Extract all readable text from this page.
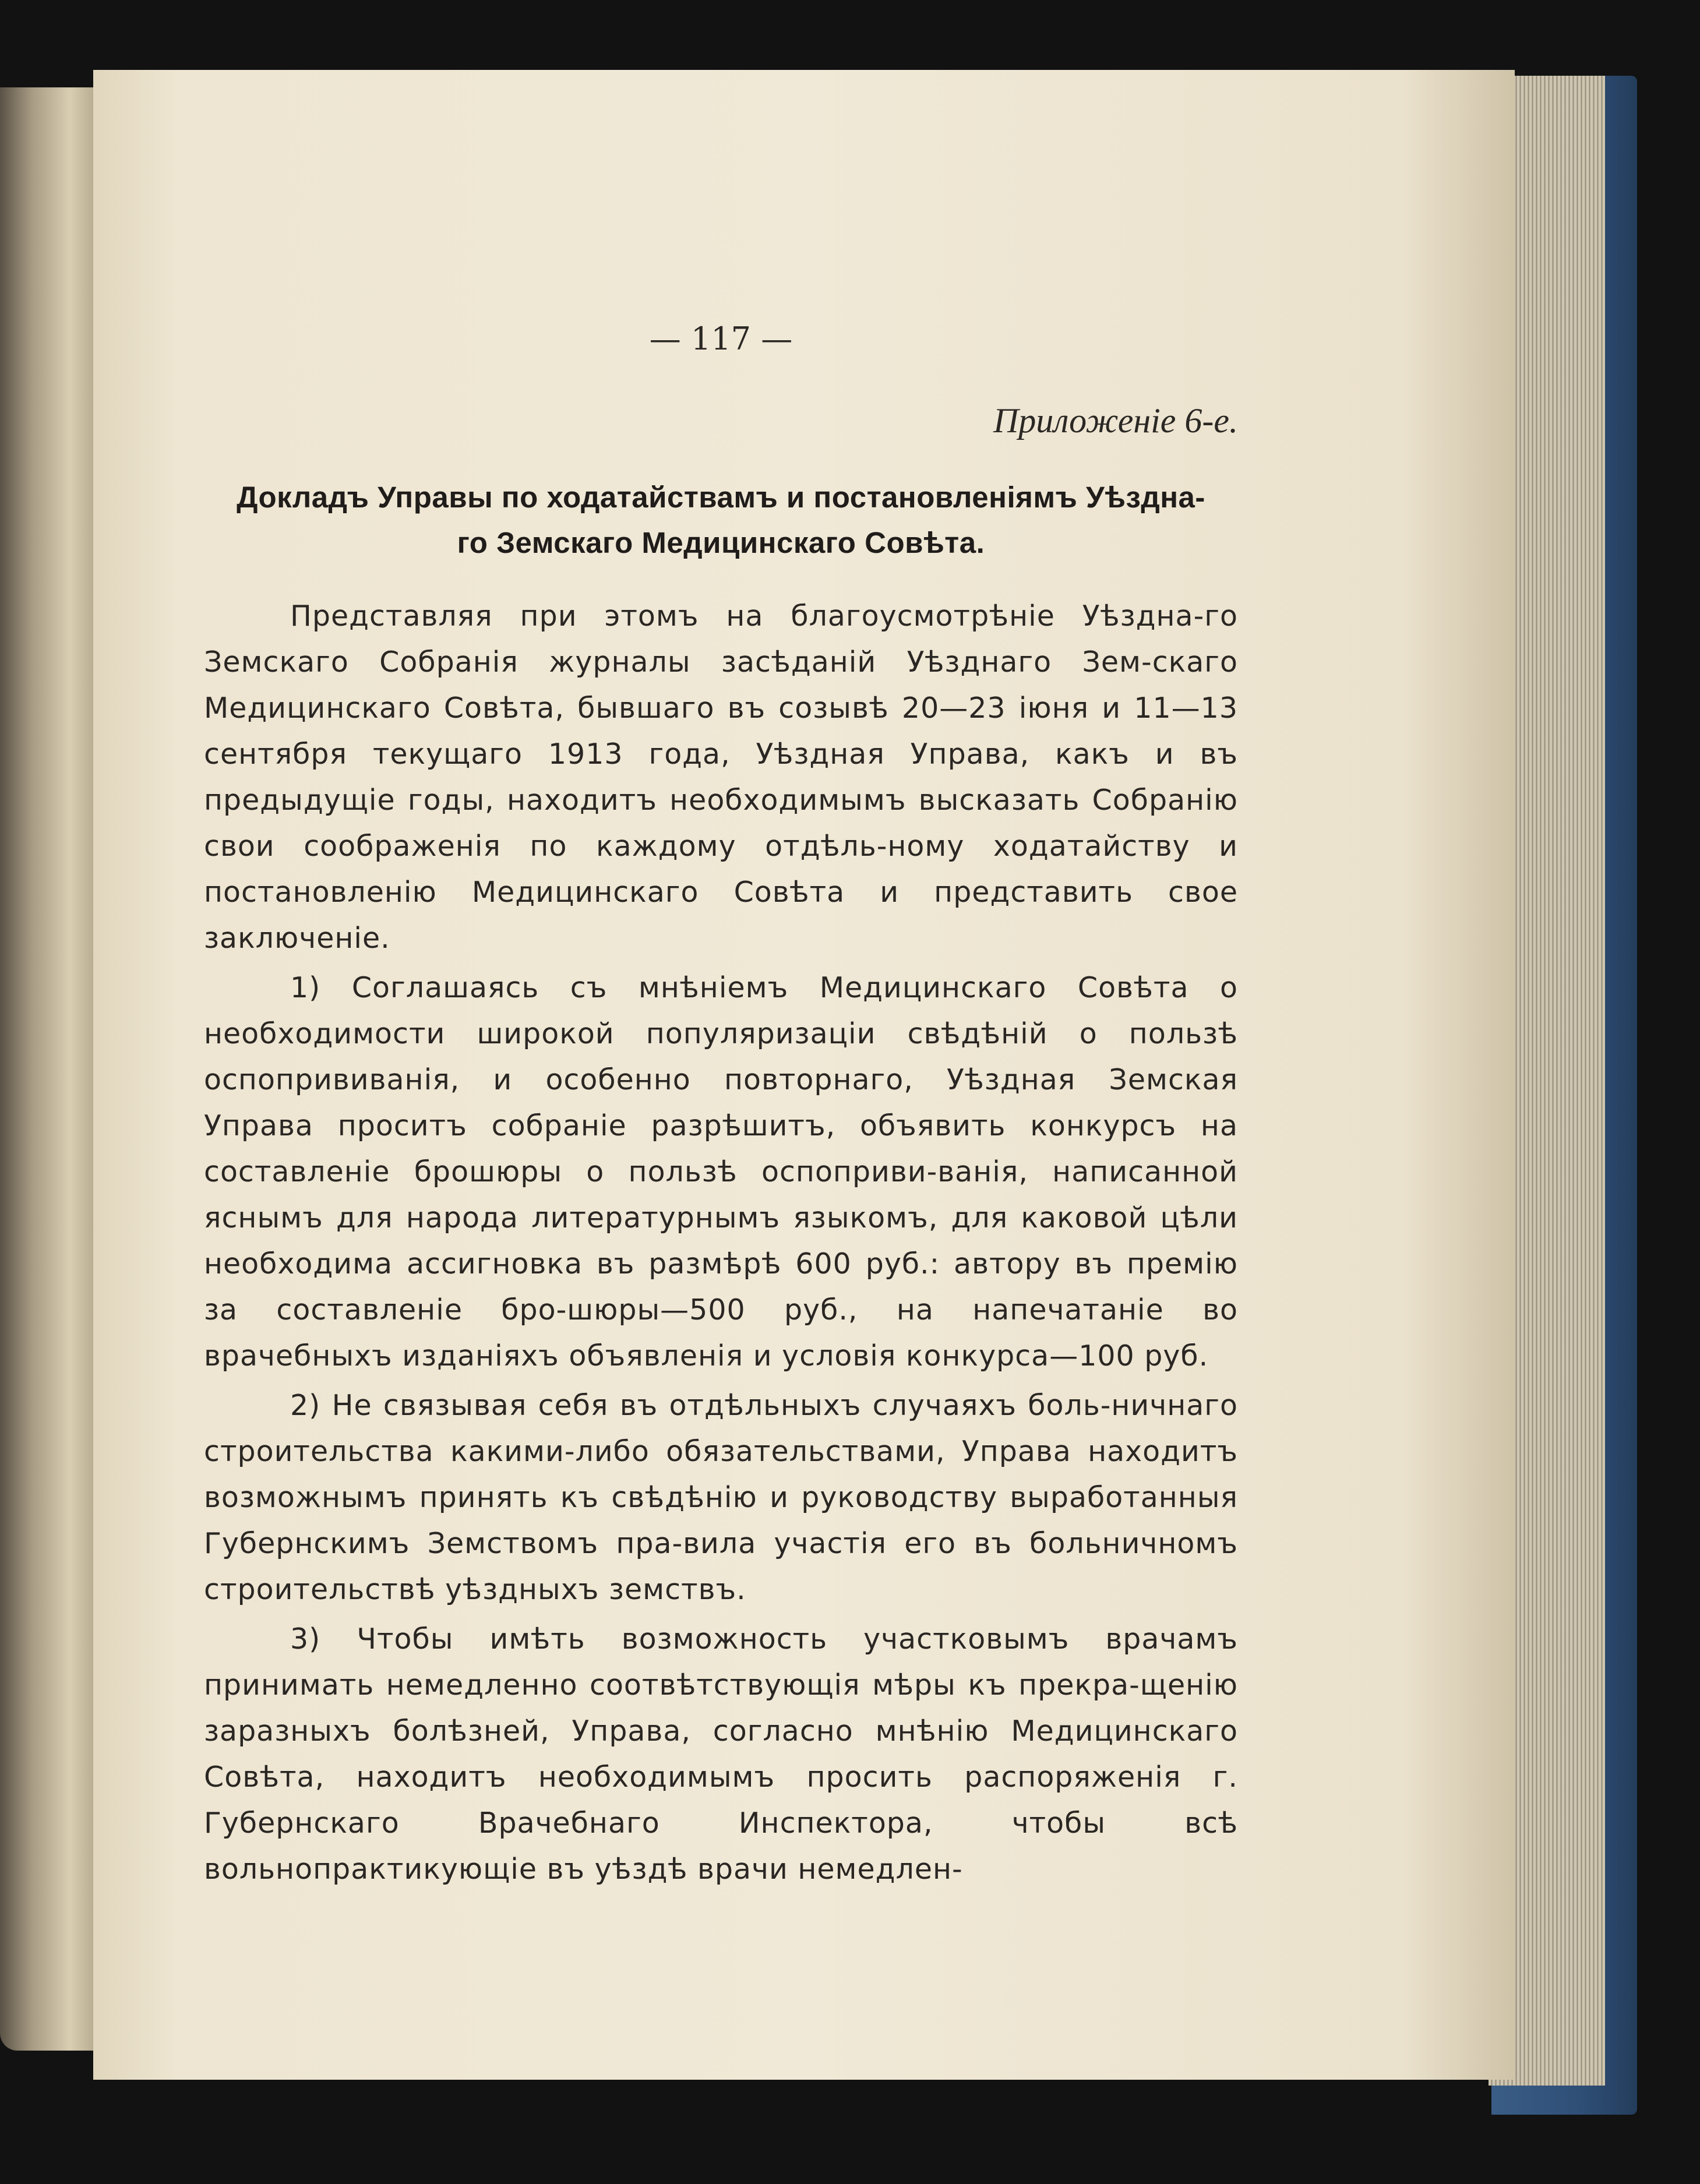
— 117 —
Приложеніе 6-е.
Докладъ Управы по ходатайствамъ и постановленіямъ Уѣздна-
го Земскаго Медицинскаго Совѣта.

Представляя при этомъ на благоусмотрѣніе Уѣздна-го Земскаго Собранія журналы засѣданій Уѣзднаго Зем-скаго Медицинскаго Совѣта, бывшаго въ созывѣ 20—23 іюня и 11—13 сентября текущаго 1913 года, Уѣздная Управа, какъ и въ предыдущіе годы, находитъ необходимымъ высказать Собранію свои соображенія по каждому отдѣль-ному ходатайству и постановленію Медицинскаго Совѣта и представить свое заключеніе.

1) Соглашаясь съ мнѣніемъ Медицинскаго Совѣта о необходимости широкой популяризаціи свѣдѣній о пользѣ оспопрививанія, и особенно повторнаго, Уѣздная Земская Управа проситъ собраніе разрѣшитъ, объявить конкурсъ на составленіе брошюры о пользѣ оспоприви-ванія, написанной яснымъ для народа литературнымъ языкомъ, для каковой цѣли необходима ассигновка въ размѣрѣ 600 руб.: автору въ премію за составленіе бро-шюры—500 руб., на напечатаніе во врачебныхъ изданіяхъ объявленія и условія конкурса—100 руб.

2) Не связывая себя въ отдѣльныхъ случаяхъ боль-ничнаго строительства какими-либо обязательствами, Управа находитъ возможнымъ принять къ свѣдѣнію и руководству выработанныя Губернскимъ Земствомъ пра-вила участія его въ больничномъ строительствѣ уѣздныхъ земствъ.

3) Чтобы имѣть возможность участковымъ врачамъ принимать немедленно соотвѣтствующія мѣры къ прекра-щенію заразныхъ болѣзней, Управа, согласно мнѣнію Медицинскаго Совѣта, находитъ необходимымъ просить распоряженія г. Губернскаго Врачебнаго Инспектора, чтобы всѣ вольнопрактикующіе въ уѣздѣ врачи немедлен-
